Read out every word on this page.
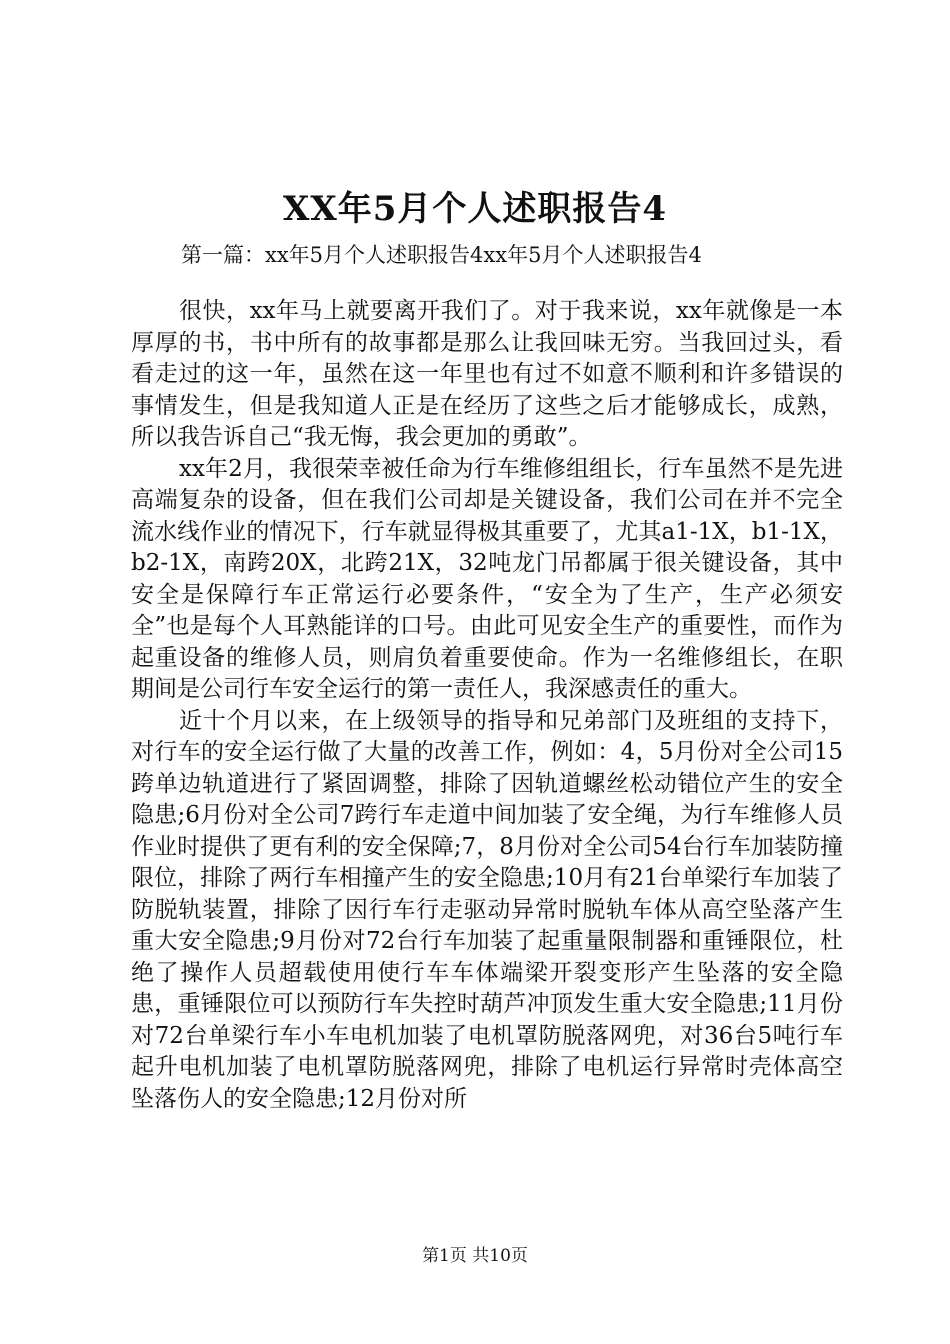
XX年5月个人述职报告4
第一篇：xx年5月个人述职报告4xx年5月个人述职报告4

很快，xx年马上就要离开我们了。对于我来说，xx年就像是一本厚厚的书，书中所有的故事都是那么让我回味无穷。当我回过头，看看走过的这一年，虽然在这一年里也有过不如意不顺利和许多错误的事情发生，但是我知道人正是在经历了这些之后才能够成长，成熟，所以我告诉自己“我无悔，我会更加的勇敢”。

xx年2月，我很荣幸被任命为行车维修组组长，行车虽然不是先进高端复杂的设备，但在我们公司却是关键设备，我们公司在并不完全流水线作业的情况下，行车就显得极其重要了，尤其a1-1X，b1-1X，b2-1X，南跨20X，北跨21X，32吨龙门吊都属于很关键设备，其中安全是保障行车正常运行必要条件，“安全为了生产，生产必须安全”也是每个人耳熟能详的口号。由此可见安全生产的重要性，而作为起重设备的维修人员，则肩负着重要使命。作为一名维修组长，在职期间是公司行车安全运行的第一责任人，我深感责任的重大。

近十个月以来，在上级领导的指导和兄弟部门及班组的支持下，对行车的安全运行做了大量的改善工作，例如：4，5月份对全公司15跨单边轨道进行了紧固调整，排除了因轨道螺丝松动错位产生的安全隐患;6月份对全公司7跨行车走道中间加装了安全绳，为行车维修人员作业时提供了更有利的安全保障;7，8月份对全公司54台行车加装防撞限位，排除了两行车相撞产生的安全隐患;10月有21台单梁行车加装了防脱轨装置，排除了因行车行走驱动异常时脱轨车体从高空坠落产生重大安全隐患;9月份对72台行车加装了起重量限制器和重锤限位，杜绝了操作人员超载使用使行车车体端梁开裂变形产生坠落的安全隐患，重锤限位可以预防行车失控时葫芦冲顶发生重大安全隐患;11月份对72台单梁行车小车电机加装了电机罩防脱落网兜，对36台5吨行车起升电机加装了电机罩防脱落网兜，排除了电机运行异常时壳体高空坠落伤人的安全隐患;12月份对所

第1页 共10页
